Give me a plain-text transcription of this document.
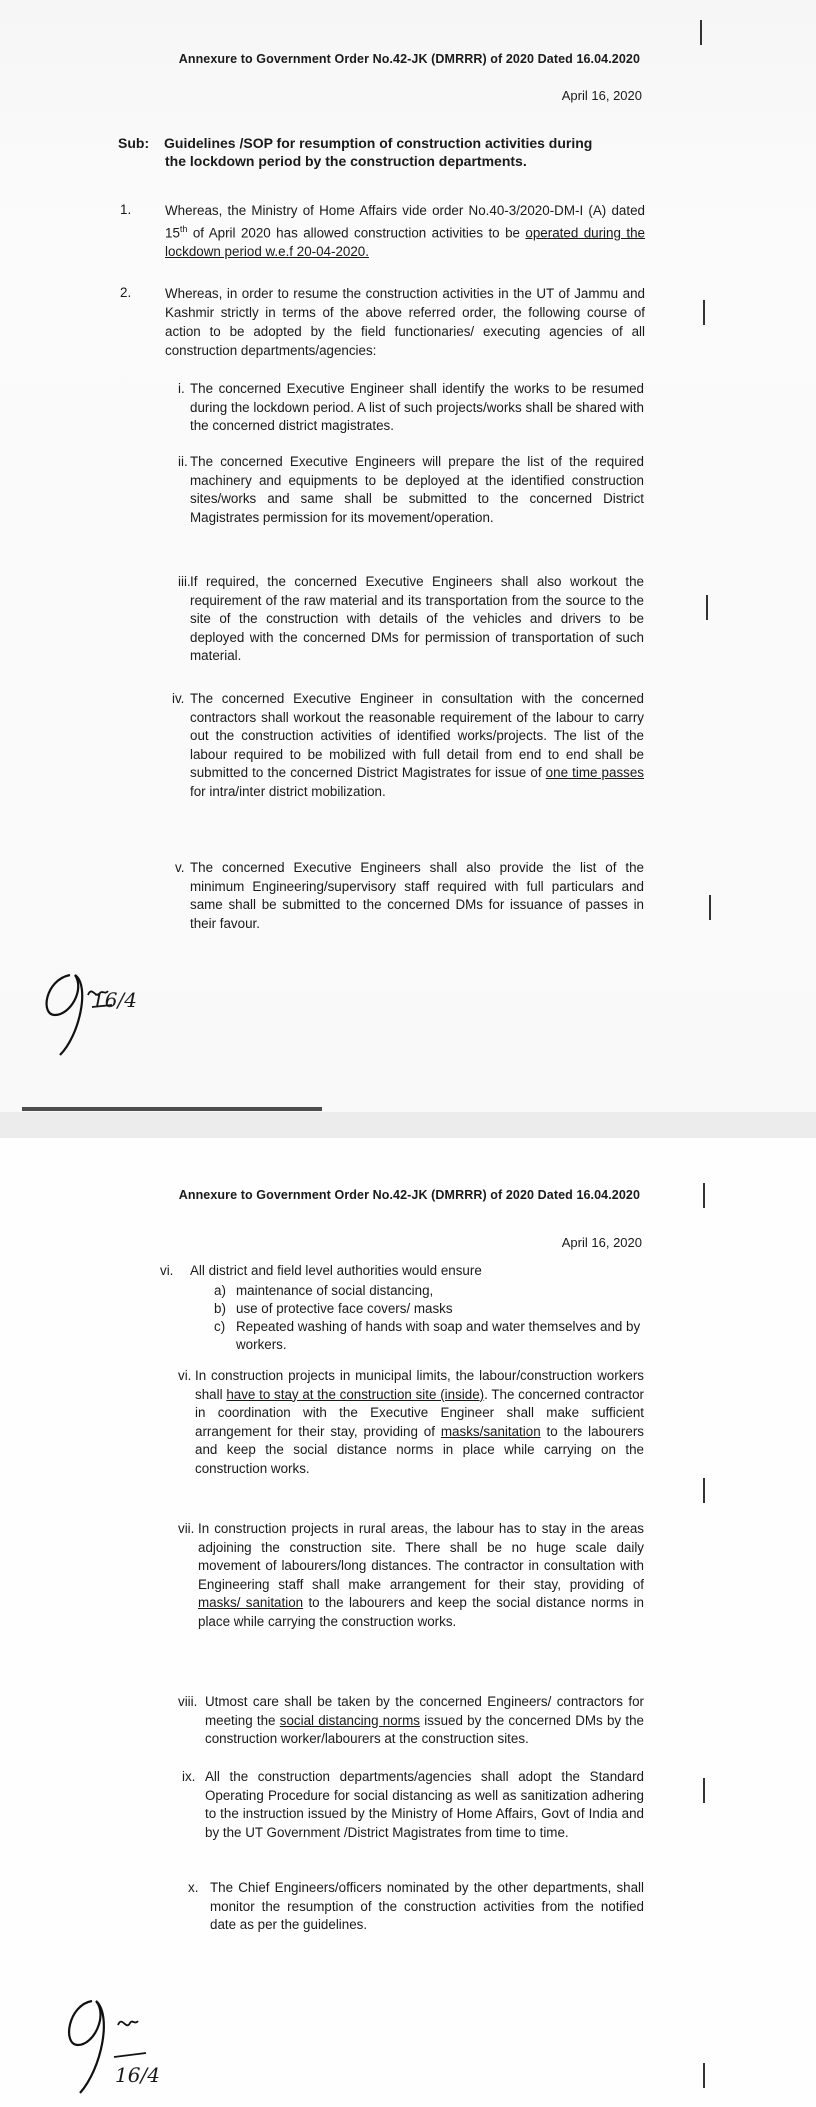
Annexure to Government Order No.42-JK (DMRRR) of 2020 Dated 16.04.2020
April 16, 2020
Sub: Guidelines /SOP for resumption of construction activities during
the lockdown period by the construction departments.
1.	Whereas, the Ministry of Home Affairs vide order No.40-3/2020-DM-I (A) dated 15th of April 2020 has allowed construction activities to be operated during the lockdown period w.e.f 20-04-2020.
2.	Whereas, in order to resume the construction activities in the UT of Jammu and Kashmir strictly in terms of the above referred order, the following course of action to be adopted by the field functionaries/ executing agencies of all construction departments/agencies:
i. The concerned Executive Engineer shall identify the works to be resumed during the lockdown period. A list of such projects/works shall be shared with the concerned district magistrates.
ii. The concerned Executive Engineers will prepare the list of the required machinery and equipments to be deployed at the identified construction sites/works and same shall be submitted to the concerned District Magistrates permission for its movement/operation.
iii. If required, the concerned Executive Engineers shall also workout the requirement of the raw material and its transportation from the source to the site of the construction with details of the vehicles and drivers to be deployed with the concerned DMs for permission of transportation of such material.
iv. The concerned Executive Engineer in consultation with the concerned contractors shall workout the reasonable requirement of the labour to carry out the construction activities of identified works/projects. The list of the labour required to be mobilized with full detail from end to end shall be submitted to the concerned District Magistrates for issue of one time passes for intra/inter district mobilization.
v. The concerned Executive Engineers shall also provide the list of the minimum Engineering/supervisory staff required with full particulars and same shall be submitted to the concerned DMs for issuance of passes in their favour.
16/4
Annexure to Government Order No.42-JK (DMRRR) of 2020 Dated 16.04.2020
April 16, 2020
vi. All district and field level authorities would ensure
a) maintenance of social distancing,
b) use of protective face covers/ masks
c) Repeated washing of hands with soap and water themselves and by workers.
vi. In construction projects in municipal limits, the labour/construction workers shall have to stay at the construction site (inside). The concerned contractor in coordination with the Executive Engineer shall make sufficient arrangement for their stay, providing of masks/sanitation to the labourers and keep the social distance norms in place while carrying on the construction works.
vii. In construction projects in rural areas, the labour has to stay in the areas adjoining the construction site. There shall be no huge scale daily movement of labourers/long distances. The contractor in consultation with Engineering staff shall make arrangement for their stay, providing of masks/ sanitation to the labourers and keep the social distance norms in place while carrying the construction works.
viii. Utmost care shall be taken by the concerned Engineers/ contractors for meeting the social distancing norms issued by the concerned DMs by the construction worker/labourers at the construction sites.
ix. All the construction departments/agencies shall adopt the Standard Operating Procedure for social distancing as well as sanitization adhering to the instruction issued by the Ministry of Home Affairs, Govt of India and by the UT Government /District Magistrates from time to time.
x. The Chief Engineers/officers nominated by the other departments, shall monitor the resumption of the construction activities from the notified date as per the guidelines.
16/4
